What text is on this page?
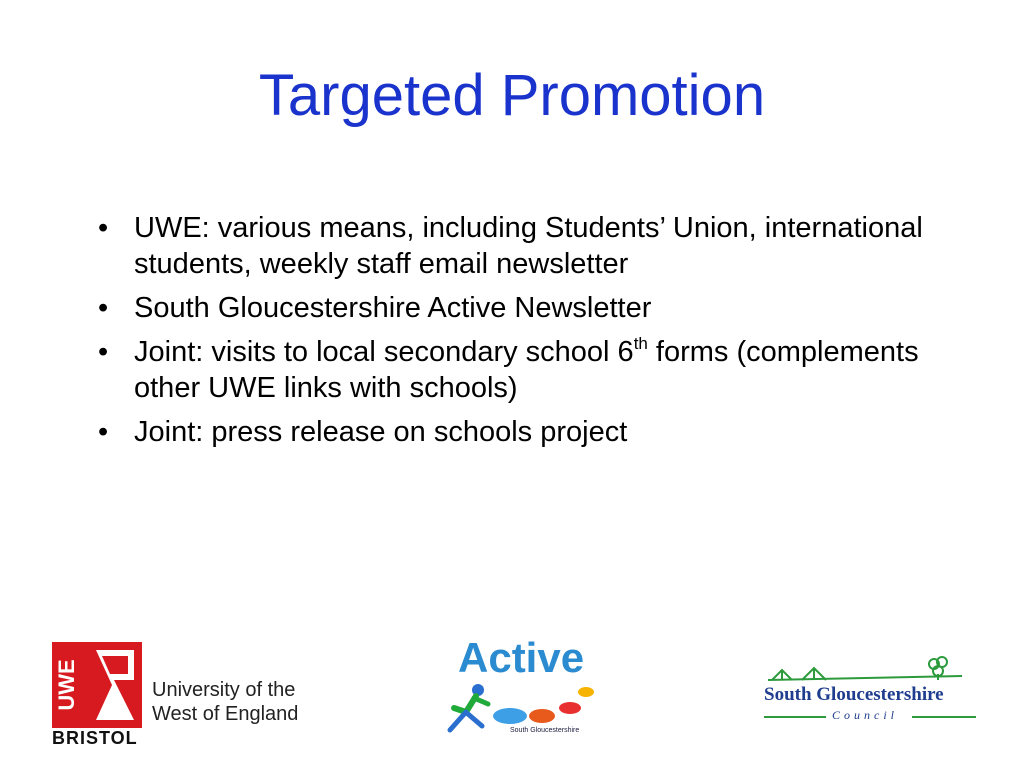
Targeted Promotion
• UWE: various means, including Students’ Union, international students, weekly staff email newsletter
• South Gloucestershire Active Newsletter
• Joint: visits to local secondary school 6th forms (complements other UWE links with schools)
• Joint: press release on schools project
UWE	University of the
West of England
BRISTOL
Active
South Gloucestershire
South Gloucestershire
Council
